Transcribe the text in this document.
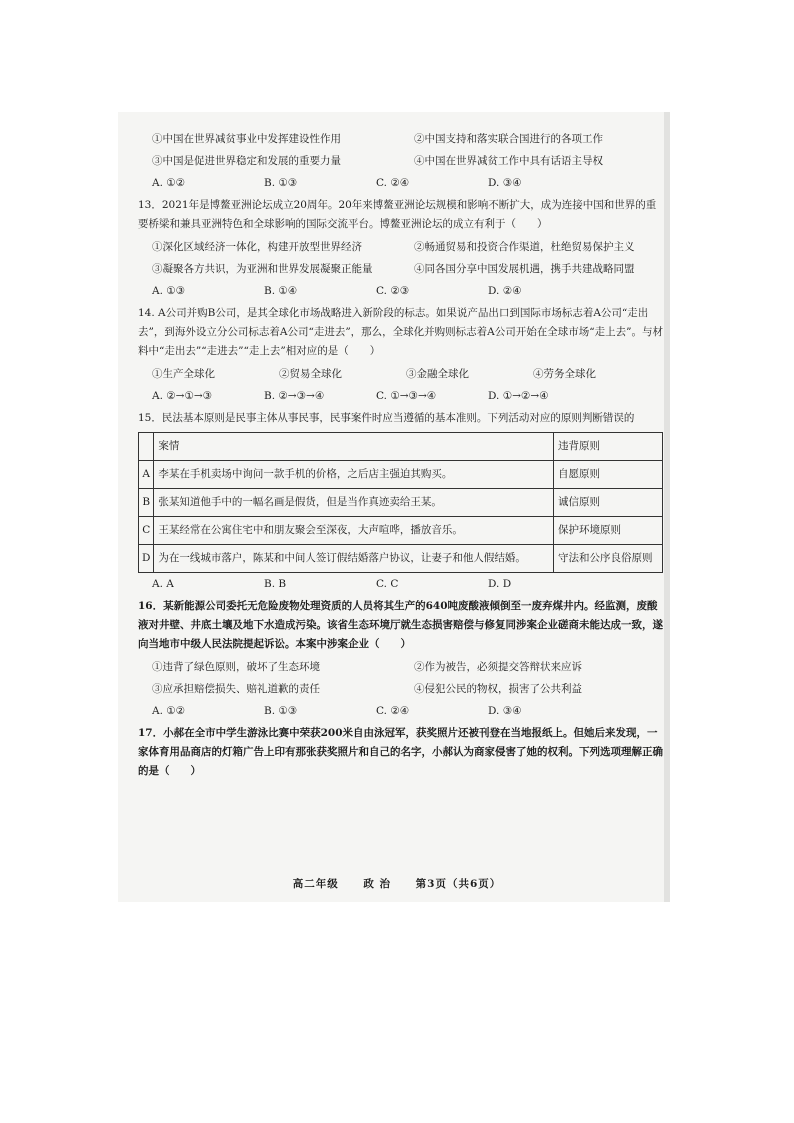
①中国在世界减贫事业中发挥建设性作用	②中国支持和落实联合国进行的各项工作
③中国是促进世界稳定和发展的重要力量	④中国在世界减贫工作中具有话语主导权
A. ①②	B. ①③	C. ②④	D. ③④
13．2021年是博鳌亚洲论坛成立20周年。20年来博鳌亚洲论坛规模和影响不断扩大，成为连接中国和世界的重要桥梁和兼具亚洲特色和全球影响的国际交流平台。博鳌亚洲论坛的成立有利于（　　）
①深化区域经济一体化，构建开放型世界经济	②畅通贸易和投资合作渠道，杜绝贸易保护主义
③凝聚各方共识，为亚洲和世界发展凝聚正能量	④同各国分享中国发展机遇，携手共建战略同盟
A. ①③	B. ①④	C. ②③	D. ②④
14. A公司并购B公司，是其全球化市场战略进入新阶段的标志。如果说产品出口到国际市场标志着A公司“走出去”，到海外设立分公司标志着A公司“走进去”，那么，全球化并购则标志着A公司开始在全球市场“走上去”。与材料中“走出去”“走进去”“走上去”相对应的是（　　）
①生产全球化	②贸易全球化	③金融全球化	④劳务全球化
A. ②→①→③	B. ②→③→④	C. ①→③→④	D. ①→②→④
15．民法基本原则是民事主体从事民事，民事案件时应当遵循的基本准则。下列活动对应的原则判断错误的
	案情	违背原则
A	李某在手机卖场中询问一款手机的价格，之后店主强迫其购买。	自愿原则
B	张某知道他手中的一幅名画是假货，但是当作真迹卖给王某。	诚信原则
C	王某经常在公寓住宅中和朋友聚会至深夜，大声喧哗，播放音乐。	保护环境原则
D	为在一线城市落户，陈某和中间人签订假结婚落户协议，让妻子和他人假结婚。	守法和公序良俗原则
A. A	B. B	C. C	D. D
16．某新能源公司委托无危险废物处理资质的人员将其生产的640吨废酸液倾倒至一废弃煤井内。经监测，废酸液对井壁、井底土壤及地下水造成污染。该省生态环境厅就生态损害赔偿与修复同涉案企业磋商未能达成一致，遂向当地市中级人民法院提起诉讼。本案中涉案企业（　　）
①违背了绿色原则，破坏了生态环境	②作为被告，必须提交答辩状来应诉
③应承担赔偿损失、赔礼道歉的责任	④侵犯公民的物权，损害了公共利益
A. ①②	B. ①③	C. ②④	D. ③④
17．小郝在全市中学生游泳比赛中荣获200米自由泳冠军，获奖照片还被刊登在当地报纸上。但她后来发现，一家体育用品商店的灯箱广告上印有那张获奖照片和自己的名字，小郝认为商家侵害了她的权利。下列选项理解正确的是（　　）
高二年级 政 治 第3页（共6页）
